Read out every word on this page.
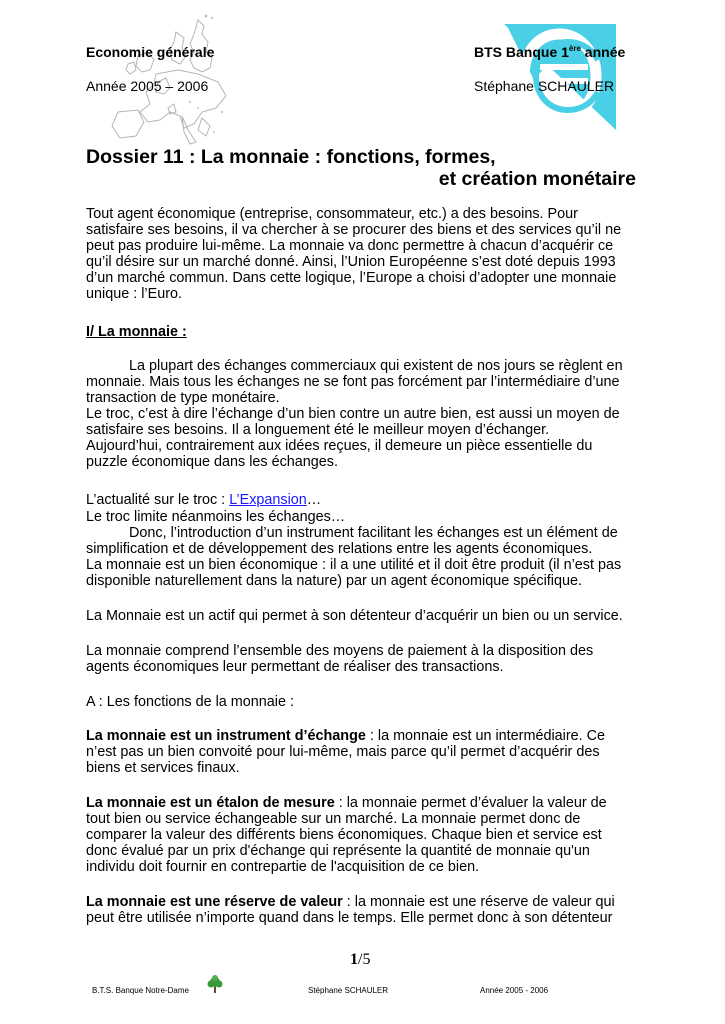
Economie générale
Année 2005 – 2006
BTS Banque 1ère année
Stéphane SCHAULER
Dossier 11 : La monnaie : fonctions, formes,
et création monétaire
Tout agent économique (entreprise, consommateur, etc.) a des besoins. Pour
satisfaire ses besoins, il va chercher à se procurer des biens et des services qu’il ne
peut pas produire lui-même. La monnaie va donc permettre à chacun d’acquérir ce
qu’il désire sur un marché donné. Ainsi, l’Union Européenne s’est doté depuis 1993
d’un marché commun. Dans cette logique, l’Europe a choisi d’adopter une monnaie
unique : l’Euro.
I/ La monnaie :
La plupart des échanges commerciaux qui existent de nos jours se règlent en
monnaie. Mais tous les échanges ne se font pas forcément par l’intermédiaire d’une
transaction de type monétaire.
Le troc, c’est à dire l’échange d’un bien contre un autre bien, est aussi un moyen de
satisfaire ses besoins. Il a longuement été le meilleur moyen d’échanger.
Aujourd’hui, contrairement aux idées reçues, il demeure un pièce essentielle du
puzzle économique dans les échanges.
L’actualité sur le troc : L’Expansion…
Le troc limite néanmoins les échanges…
Donc, l’introduction d’un instrument facilitant les échanges est un élément de
simplification et de développement des relations entre les agents économiques.
La monnaie est un bien économique : il a une utilité et il doit être produit (il n’est pas
disponible naturellement dans la nature) par un agent économique spécifique.
La Monnaie est un actif qui permet à son détenteur d’acquérir un bien ou un service.
La monnaie comprend l’ensemble des moyens de paiement à la disposition des
agents économiques leur permettant de réaliser des transactions.
A : Les fonctions de la monnaie :
La monnaie est un instrument d’échange : la monnaie est un intermédiaire. Ce
n’est pas un bien convoité pour lui-même, mais parce qu’il permet d’acquérir des
biens et services finaux.
La monnaie est un étalon de mesure : la monnaie permet d’évaluer la valeur de
tout bien ou service échangeable sur un marché. La monnaie permet donc de
comparer la valeur des différents biens économiques. Chaque bien et service est
donc évalué par un prix d'échange qui représente la quantité de monnaie qu'un
individu doit fournir en contrepartie de l'acquisition de ce bien.
La monnaie est une réserve de valeur : la monnaie est une réserve de valeur qui
peut être utilisée n’importe quand dans le temps. Elle permet donc à son détenteur
1/5
B.T.S. Banque Notre-Dame	Stéphane SCHAULER	Année 2005 - 2006
